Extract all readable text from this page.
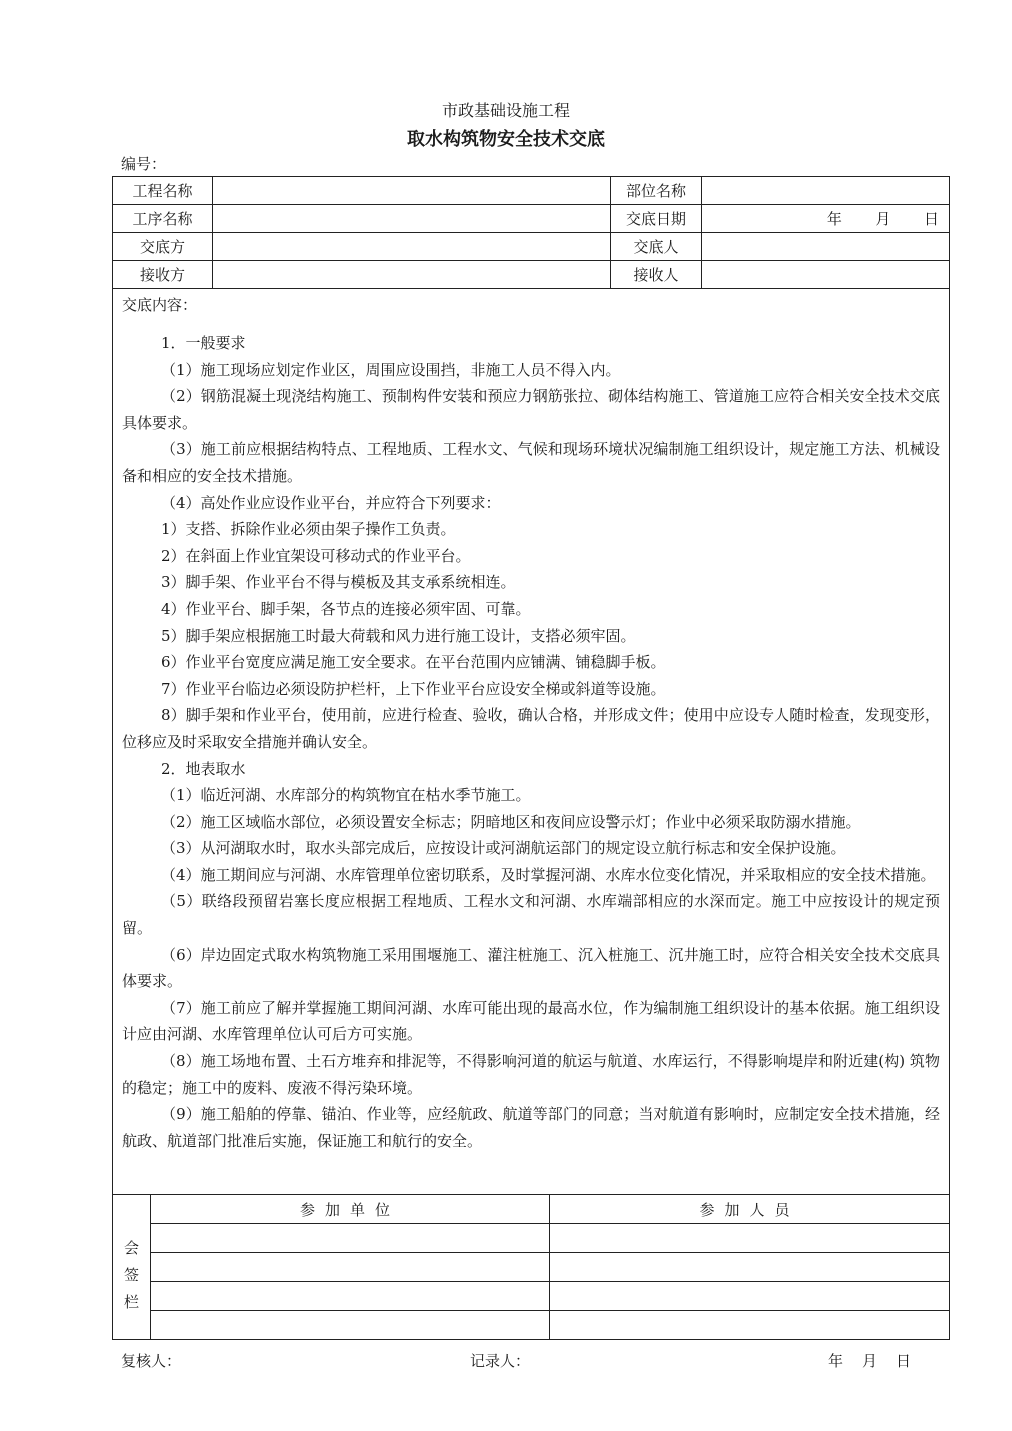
市政基础设施工程
取水构筑物安全技术交底
编号：
工程名称		部位名称	
工序名称		交底日期	年 月 日
交底方		交底人	
接收方		接收人	
交底内容：

1．一般要求

（1）施工现场应划定作业区，周围应设围挡，非施工人员不得入内。

（2）钢筋混凝土现浇结构施工、预制构件安装和预应力钢筋张拉、砌体结构施工、管道施工应符合相关安全技术交底具体要求。

（3）施工前应根据结构特点、工程地质、工程水文、气候和现场环境状况编制施工组织设计，规定施工方法、机械设备和相应的安全技术措施。

（4）高处作业应设作业平台，并应符合下列要求：

1）支搭、拆除作业必须由架子操作工负责。

2）在斜面上作业宜架设可移动式的作业平台。

3）脚手架、作业平台不得与模板及其支承系统相连。

4）作业平台、脚手架，各节点的连接必须牢固、可靠。

5）脚手架应根据施工时最大荷载和风力进行施工设计，支搭必须牢固。

6）作业平台宽度应满足施工安全要求。在平台范围内应铺满、铺稳脚手板。

7）作业平台临边必须设防护栏杆，上下作业平台应设安全梯或斜道等设施。

8）脚手架和作业平台，使用前，应进行检查、验收，确认合格，并形成文件；使用中应设专人随时检查，发现变形，位移应及时采取安全措施并确认安全。

2．地表取水

（1）临近河湖、水库部分的构筑物宜在枯水季节施工。

（2）施工区域临水部位，必须设置安全标志；阴暗地区和夜间应设警示灯；作业中必须采取防溺水措施。

（3）从河湖取水时，取水头部完成后，应按设计或河湖航运部门的规定设立航行标志和安全保护设施。

（4）施工期间应与河湖、水库管理单位密切联系，及时掌握河湖、水库水位变化情况，并采取相应的安全技术措施。

（5）联络段预留岩塞长度应根据工程地质、工程水文和河湖、水库端部相应的水深而定。施工中应按设计的规定预留。

（6）岸边固定式取水构筑物施工采用围堰施工、灌注桩施工、沉入桩施工、沉井施工时，应符合相关安全技术交底具体要求。

（7）施工前应了解并掌握施工期间河湖、水库可能出现的最高水位，作为编制施工组织设计的基本依据。施工组织设计应由河湖、水库管理单位认可后方可实施。

（8）施工场地布置、土石方堆弃和排泥等，不得影响河道的航运与航道、水库运行，不得影响堤岸和附近建(构) 筑物的稳定；施工中的废料、废液不得污染环境。

（9）施工船舶的停靠、锚泊、作业等，应经航政、航道等部门的同意；当对航道有影响时，应制定安全技术措施，经航政、航道部门批准后实施，保证施工和航行的安全。

会
签
栏	参加单位	参加人员

复核人：	记录人：	年 月 日
